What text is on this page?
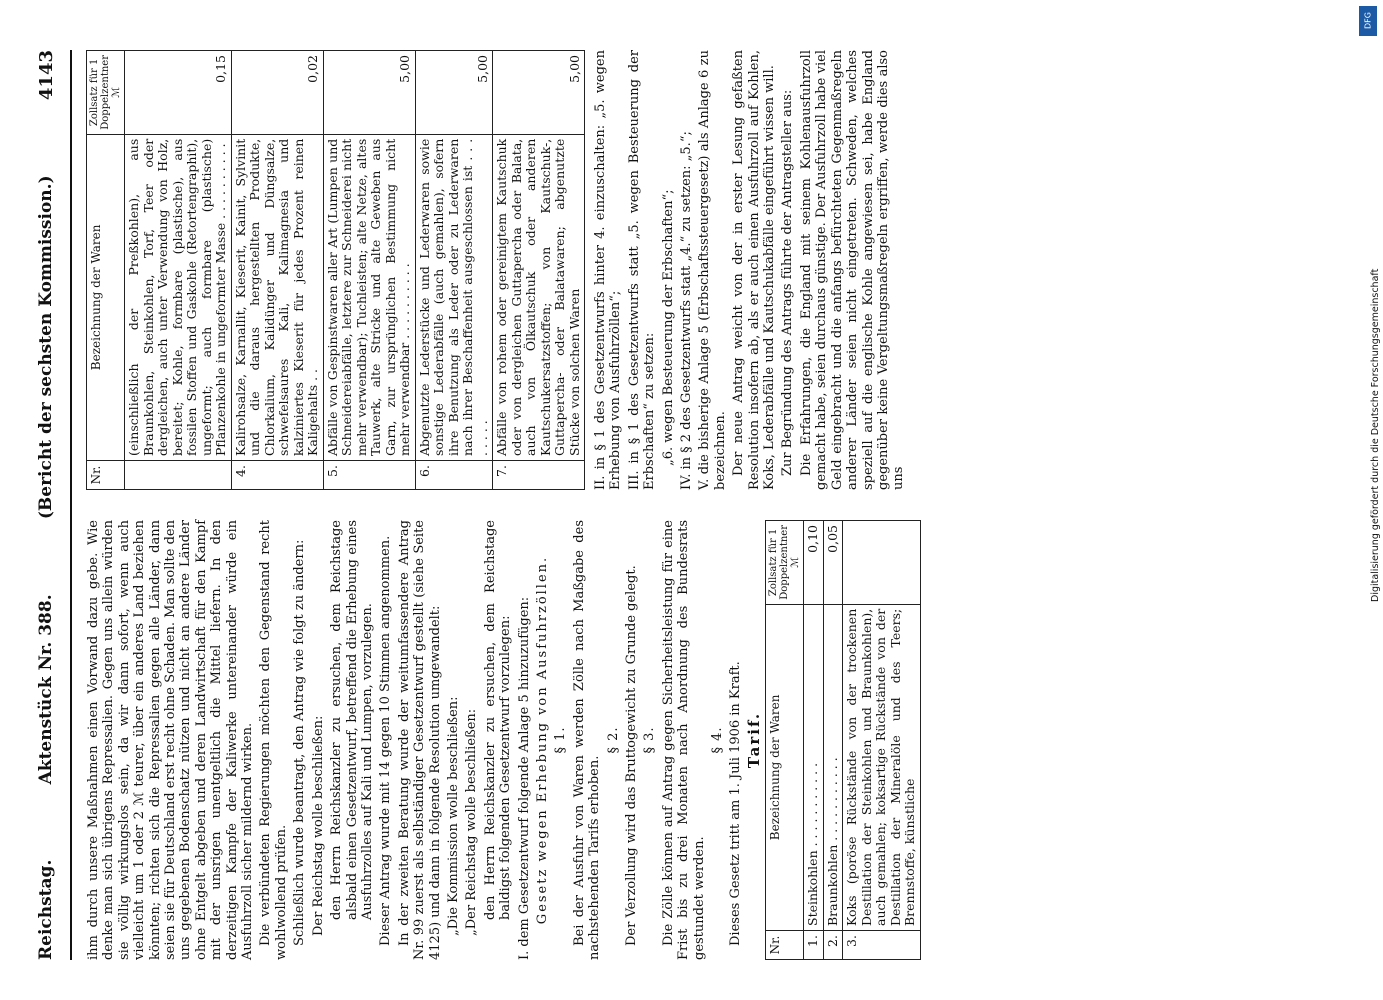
Reichstag.
Aktenstück Nr. 388.
(Bericht der sechsten Kommission.)
4143

ihm durch unsere Maßnahmen einen Vorwand dazu gebe. Wie denke man sich übrigens Repressalien. Gegen uns allein würden sie völlig wirkungslos sein, da wir dann sofort, wenn auch vielleicht um 1 oder 2 ℳ teurer, über ein anderes Land beziehen könnten; richten sich die Repressalien gegen alle Länder, dann seien sie für Deutschland erst recht ohne Schaden. Man sollte den uns gegebenen Bodenschatz nützen und nicht an andere Länder ohne Entgelt abgeben und deren Landwirtschaft für den Kampf mit der unsrigen unentgeltlich die Mittel liefern. In den derzeitigen Kampfe der Kaliwerke untereinander würde ein Ausfuhrzoll sicher mildernd wirken. Die verbündeten Regierungen möchten den Gegenstand recht wohlwollend prüfen. Schließlich wurde beantragt, den Antrag wie folgt zu ändern: Der Reichstag wolle beschließen: den Herrn Reichskanzler zu ersuchen, dem Reichstage alsbald einen Gesetzentwurf, betreffend die Erhebung eines Ausfuhrzolles auf Kali und Lumpen, vorzulegen. Dieser Antrag wurde mit 14 gegen 10 Stimmen angenommen. In der zweiten Beratung wurde der weitumfassendere Antrag Nr. 99 zuerst als selbständiger Gesetzentwurf gestellt (siehe Seite 4125) und dann in folgende Resolution umgewandelt: „Die Kommission wolle beschließen: „Der Reichstag wolle beschließen: den Herrn Reichskanzler zu ersuchen, dem Reichstage baldigst folgenden Gesetzentwurf vorzulegen: I. dem Gesetzentwurf folgende Anlage 5 hinzuzufügen: Gesetz wegen Erhebung von Ausfuhrzöllen. § 1. Bei der Ausfuhr von Waren werden Zölle nach Maßgabe des nachstehenden Tarifs erhoben.

§ 2. Der Verzollung wird das Bruttogewicht zu Grunde gelegt. § 3. Die Zölle können auf Antrag gegen Sicherheitsleistung für eine Frist bis zu drei Monaten nach Anordnung des Bundesrats gestundet werden.

§ 4. Dieses Gesetz tritt am 1. Juli 1906 in Kraft. Tarif.

Nr.	Bezeichnung der Waren	Zollsatz für 1 Doppelzentner ℳ
1.	Steinkohlen . . . . . . . . . . .	0,10
2.	Braunkohlen . . . . . . . . . . .	0,05
3.	Koks (poröse Rückstände von der trockenen Destillation der Steinkohlen und Braunkohlen), auch gemahlen; koksartige Rückstände von der Destillation der Mineralöle und des Teers; Brennstoffe, künstliche	
Nr.	Bezeichnung der Waren	Zollsatz für 1 Doppelzentner ℳ
	(einschließlich der Preßkohlen), aus Braunkohlen, Steinkohlen, Torf, Teer oder dergleichen, auch unter Verwendung von Holz, bereitet; Kohle, formbare (plastische), aus fossilen Stoffen und Gaskohle (Retortengraphit), ungeformt; auch formbare (plastische) Pflanzenkohle in ungeformter Masse . . . . . . . . . .	0,15
4.	Kalirohsalze, Karnallit, Kieserit, Kainit, Sylvinit und die daraus hergestellten Produkte, Chlorkalium, Kalidünger und Düngsalze, schwefelsaures Kali, Kalimagnesia und kalziniertes Kieserit für jedes Prozent reinen Kaligehalts . .	0,02
5.	Abfälle von Gespinstwaren aller Art (Lumpen und Schneidereiabfälle, letztere zur Schneiderei nicht mehr verwendbar); Tuchleisten; alte Netze, altes Tauwerk, alte Stricke und alte Geweben aus Garn, zur ursprünglichen Bestimmung nicht mehr verwendbar . . . . . . . . . .	5,00
6.	Abgenutzte Lederstücke und Lederwaren sowie sonstige Lederabfälle (auch gemahlen), sofern ihre Benutzung als Leder oder zu Lederwaren nach ihrer Beschaffenheit ausgeschlossen ist . . . . . . . .	5,00
7.	Abfälle von rohem oder gereinigtem Kautschuk oder von dergleichen Guttapercha oder Balata, auch von Ölkautschuk oder anderen Kautschukersatzstoffen; von Kautschuk-, Guttapercha- oder Balatawaren; abgenutzte Stücke von solchen Waren	5,00 II. in § 1 des Gesetzentwurfs hinter 4. einzuschalten: „5. wegen Erhebung von Ausfuhrzöllen“; III. in § 1 des Gesetzentwurfs statt „5. wegen Besteuerung der Erbschaften“ zu setzen: „6. wegen Besteuerung der Erbschaften“; IV. in § 2 des Gesetzentwurfs statt „4.“ zu setzen: „5.“; V. die bisherige Anlage 5 (Erbschaftssteuergesetz) als Anlage 6 zu bezeichnen. Der neue Antrag weicht von der in erster Lesung gefaßten Resolution insofern ab, als er auch einen Ausfuhrzoll auf Kohlen, Koks, Lederabfälle und Kautschukabfälle eingeführt wissen will. Zur Begründung des Antrags führte der Antragsteller aus: Die Erfahrungen, die England mit seinem Kohlenausfuhrzoll gemacht habe, seien durchaus günstige. Der Ausfuhrzoll habe viel Geld eingebracht und die anfangs befürchteten Gegenmaßregeln anderer Länder seien nicht eingetreten. Schweden, welches speziell auf die englische Kohle angewiesen sei, habe England gegenüber keine Vergeltungsmaßregeln ergriffen, werde dies also uns

DFG
Digitalisierung gefördert durch die Deutsche Forschungsgemeinschaft
